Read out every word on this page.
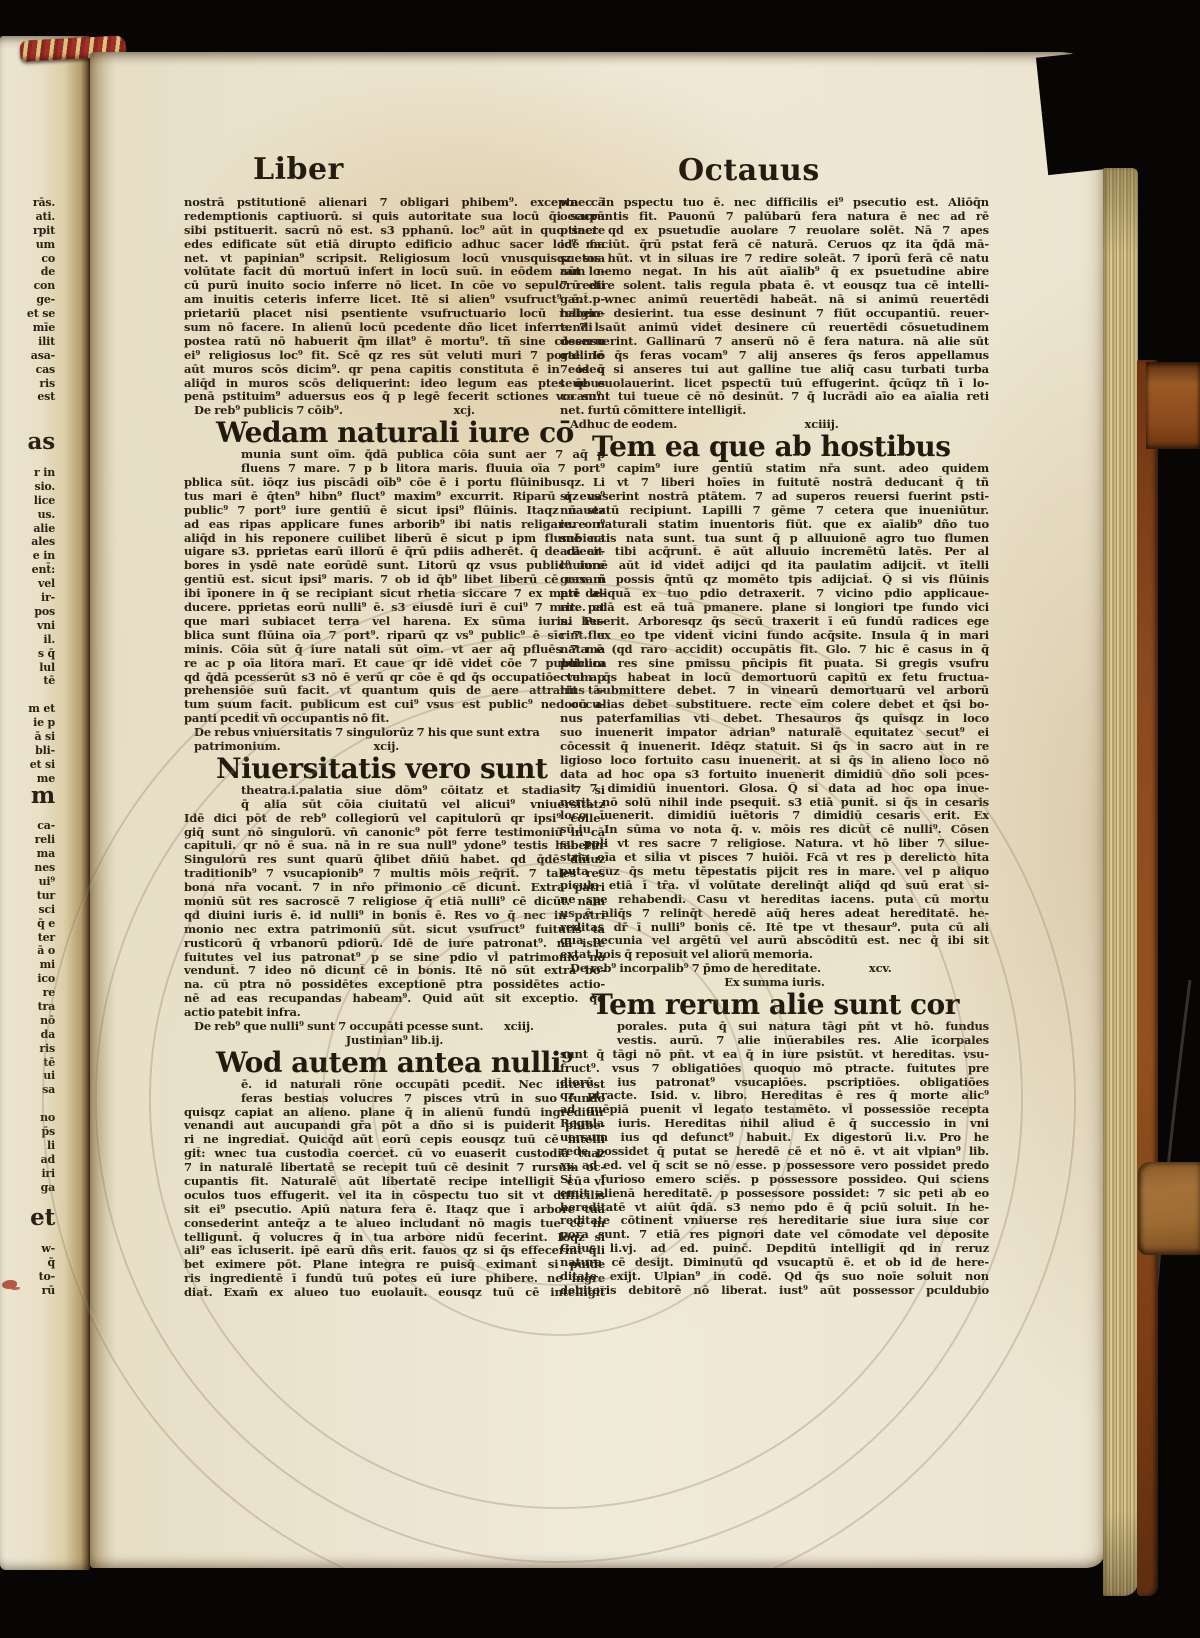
rās.
ati.
rpit
um
co
de
con
ge-
et se
mīe
ilit
asa-
cas
ris
est
as
r in
sio.
lice
us.
alie
ales
e in
ent̄:
vel
ir-
pos
vni
il.
s q̄
lul
tē
m et
ie p
ā si
bli-
et si
me
m
ca-
reli
ma
nes
ui⁹
tur
sci
q̄ e
ter
ā o
mi
ico
re
tra
nō
da
ris
tē
ui
sa
no
p̄s
li
ad
iri
ga
et
w-
q̄
to-
rū
Liber	Octauus
nostrā pstitutionē alienari 7 obligari phibem⁹. excepta cā
redemptionis captiuorū. si quis autoritate sua locū q̄i sacrū
sibi pstituerit. sacrū nō est. s3 pphanū. loc⁹ aūt in quo sacre
edes edificate sūt etiā dirupto edificio adhuc sacer loc⁹ ma
net. vt papinian⁹ scripsit. Religiosum locū vnusquisqz sua
volūtate facit dū mortuū infert in locū suū. in eōdem aūt lo-
cū purū inuito socio inferre nō licet. In cōe vo sepulcrū eti
am inuitis ceteris inferre licet. Itē si alien⁹ vsufruct⁹ ē. p-
prietariū placet nisi psentiente vsufructuario locū religio-
sum nō facere. In alienū locū pcedente dño licet inferre. 7 ls
postea ratū nō habuerit q̄m illat⁹ ē mortu⁹. tñ sine cōsensu
ei⁹ religiosus loc⁹ fit. Scē qz res sūt veluti muri 7 porte. Iō
aūt muros scōs dicim⁹. qr pena capitis constituta ē in eos q̄
aliq̄d in muros scōs deliquerint: ideo legum eas ptes q̄bus
penā pstituim⁹ aduersus eos q̄ p legē fecerit sctiones vocam⁹.
De reb⁹ publicis 7 cōib⁹.	xcj.
Wedam naturali iure cō
munia sunt oīm. q̄dā publica cōia sunt aer 7 aq̄ p
fluens 7 mare. 7 p b litora maris. fluuia oīa 7 port⁹
pblica sūt. iōqz ius piscādi oīb⁹ cōe ē i portu flūinibusqz. Li
tus mari ē q̄ten⁹ hibn⁹ fluct⁹ maxim⁹ excurrit. Riparū qz vs⁹
public⁹ 7 port⁹ iure gentiū ē sicut ipsi⁹ flūinis. Itaqz nauez
ad eas ripas applicare funes arborib⁹ ibi natis religare. on⁹
aliq̄d in his reponere cuilibet liberū ē sicut p ipm flumē na
uigare s3. pprietas earū illorū ē q̄rū pdiis adherēt. q̄ de cā ar-
bores in ysdē nate eorūdē sunt. Litorū qz vsus public⁹ iure
gentiū est. sicut ipsi⁹ maris. 7 ob id q̄b⁹ libet liberū cē casam
ibi īponere in q̄ se recipiant sicut rhetia siccare 7 ex mari de-
ducere. pprietas eorū nulli⁹ ē. s3 eiusdē iurī ē cui⁹ 7 mare. et
que mari subiacet terra vel harena. Ex sūma iuris. Pu-
blica sunt flūina oīa 7 port⁹. riparū qz vs⁹ public⁹ ē sīc 7 flu
minis. Cōia sūt q̄ iure natali sūt oīm. vt aer aq̄ pfluēs 7 ma
re ac p oīa litora marī. Et caue qr idē videt̄ cōe 7 publicum
qd q̄dā pcesserūt s3 nō ē verū qr cōe ē qd q̄s occupatiōe vel ap
prehensiōe suū facit. vt quantum quis de aere attrahit tā-
tum suum facit. publicum est cui⁹ vsus est public⁹ nec occu-
panti pcedit̄ vn̄ occupantis nō fit.
De rebus vniuersitatis 7 singulorūz 7 his que sunt extra
patrimonium.	xcij.
Niuersitatis vero sunt
theatra.i.palatia siue dōm⁹ cōitatz et stadia 7 si
q̄ alia sūt cōia ciuitatū vel alicui⁹ vniuersitatz
Idē dici pōt de reb⁹ collegiorū vel capitulorū qr ipsi⁹ colle-
giq̄ sunt nō singulorū. vn̄ canonic⁹ pōt ferre testimoniū in cā
capituli. qr nō ē sua. nā in re sua null⁹ ydone⁹ testis habetur
Singulorū res sunt quarū q̄libet dñiū habet. qd q̄dē dñiuz
traditionib⁹ 7 vsucapionib⁹ 7 multis mōis req̄rit̄. 7 tales res
bona nr̄a vocant̄. 7 in nr̄o pr̄imonio cē dicunt̄. Extra patri
moniū sūt res sacroscē 7 religiose q̄ etiā nulli⁹ cē dicūt. nam
qd diuini iuris ē. id nulli⁹ in bonis ē. Res vo q̄ nec in patri
monio nec extra patrimoniū sūt. sicut vsufruct⁹ fuitutis tā
rusticorū q̄ vrbanorū pdiorū. Idē de iure patronat⁹. nā iste
fuitutes vel ius patronat⁹ p se sine pdio vl̄ patrimonio nō
vendunt̄. 7 ideo nō dicunt̄ cē in bonis. Itē nō sūt extra bo-
na. cū ptra nō possidētes exceptionē ptra possidētes actio-
nē ad eas recupandas habeam⁹. Quid aūt sit exceptio. q̄d
actio patebit infra.
De reb⁹ que nulli⁹ sunt 7 occupāti pcesse sunt. xciij.
Justinian⁹ lib.ij.
Wod autem antea nulli⁹
ē. id naturali rōne occupāti pcedit̄. Nec interest
feras bestias volucres 7 pisces vtrū in suo fundo
quisqz capiat an alieno. plane q̄ in alienū fundū ingreditur
venandi aut aucupandi gr̄a pōt a dño si is puiderit phibe-
ri ne ingrediat̄. Quicq̄d aūt eorū cepis eousqz tuū cē intelli
git̄: wnec tua custodia coercet̄. cū vo euaserit custodiā tuaz
7 in naturalē libertatē se recepit tuū cē desinit 7 rursum oc-
cupantis fit. Naturalē aūt libertatē recipe intelligit̄ cū vl̄
oculos tuos effugerit. vel ita in cōspectu tuo sit vt difficilis
sit ei⁹ psecutio. Apiū natura fera ē. Itaqz que ī arbore tua
consederint anteq̄z a te alueo includant̄ nō magis tue cē in
telligunt̄. q̄ volucres q̄ in tua arbore nidū fecerint. Iōqz si
ali⁹ eas īcluserit. ipē earū dñs erit. fauos qz si q̄s effecerint q̄li
bet eximere pōt. Plane integra re puisq̄ eximant̄ si puide
ris ingredientē ī fundū tuū potes eū iure phibere. ne ingre
diat̄. Exam̄ ex alueo tuo euolauit. eousqz tuū cē intelligit̄
wnec in pspectu tuo ē. nec difficilis ei⁹ psecutio est. Aliōq̄n
occupantis fit. Pauonū 7 palūbarū fera natura ē nec ad rē
ptinet qd ex psuetudīe auolare 7 reuolare solēt. Nā 7 apes
idē faciūt. q̄rū pstat ferā cē naturā. Ceruos qz ita q̄dā mā-
suetos hūt. vt in siluas ire 7 redire soleāt. 7 iporū ferā cē natu
ram nemo negat. In his aūt aīalib⁹ q̄ ex psuetudine abire
7 redire solent. talis regula pbata ē. vt eousqz tua cē intelli-
gant̄. wnec animū reuertēdi habeāt. nā si animū reuertēdi
habere desierint. tua esse desinunt 7 fiūt occupantiū. reuer-
tendi aūt animū videt̄ desinere cū reuertēdi cōsuetudinem
deseruerint. Gallinarū 7 anserū nō ē fera natura. nā alie sūt
galline q̄s feras vocam⁹ 7 alij anseres q̄s feros appellamus
7 ideo si anseres tui aut galline tue aliq̄ casu turbati turba
teue euolauerint. licet pspectū tuū effugerint. q̄cūqz tñ ī lo-
co sunt tui tueue cē nō desinūt. 7 q̄ lucrādi aīo ea aīalia reti
net. furtū cōmittere intelligit̄.
Adhuc de eodem.	xciiij.
Tem ea que ab hostibus
capim⁹ iure gentiū statim nr̄a sunt. adeo quidem
vt 7 liberi hoīes in fuitutē nostrā deducant̄ q̄ tñ
si euaserint nostrā ptātem. 7 ad superos reuersi fuerint psti-
nū statū recipiunt. Lapilli 7 gēme 7 cetera que inueniūtur.
iure naturali statim inuentoris fiūt. que ex aīalib⁹ dño tuo
subiectis nata sunt. tua sunt q̄ p alluuionē agro tuo flumen
adiecit tibi acq̄runt̄. ē aūt alluuio incremētū latēs. Per al
luuionē aūt id videt̄ adijci qd ita paulatim adijcit̄. vt ītelli
gere ñ possis q̄ntū qz momēto tpis adijciat̄. Q̄ si vis flūinis
ptē aliquā ex tuo pdio detraxerit. 7 vicino pdio applicaue-
rit. palā est eā tuā pmanere. plane si longiori tpe fundo vici
ni heserit. Arboresqz q̄s secū traxerit ī eū fundū radices ege
rint. ex eo tpe vident̄ vicini fundo acq̄site. Insula q̄ in mari
nata ē (qd raro accidit) occupātis fit. Glo. 7 hic ē casus in q̄
publica res sine pmissu pn̄cipis fit puata. Si gregis vsufru
ctum q̄s habeat in locū demortuorū capitū ex fetu fructua-
rius submittere debet. 7 in vinearū demortuarū vel arborū
locū alias debet substituere. recte eīm colere debet et q̄si bo-
nus paterfamilias vti debet. Thesauros q̄s quisqz in loco
suo inuenerit impator adrian⁹ naturalē equitatez secut⁹ ei
cōcessit q̄ inuenerit. Idēqz statuit. Si q̄s in sacro aut in re
ligioso loco fortuito casu inuenerit. at si q̄s in alieno loco nō
data ad hoc opa s3 fortuito inuenerit dimidiū dño soli pces-
sit. 7 dimidiū inuentori. Glosa. Q̄ si data ad hoc opa inue-
nerit. nō solū nihil inde psequit̄. s3 etiā punit̄. si q̄s in cesaris
loco īuenerit. dimidiū iuētoris 7 dimidiū cesaris erit. Ex
sū.iu. In sūma vo nota q̄. v. mōis res dicūt̄ cē nulli⁹. Cōsen
su ppl̄i vt res sacre 7 religiose. Natura. vt hō liber 7 silue-
stria oīa et sil̄ia vt pisces 7 huiōi. Fcā vt res p derelicto hīta
puta cuz q̄s metu tēpestatis pijcit res in mare. vel p aliquo
piculo etiā ī tr̄a. vl̄ volūtate derelinq̄t aliq̄d qd suū erat si-
ne spe rehabendi. Casu vt hereditas iacens. puta cū mortu
us ē aliq̄s 7 relinq̄t heredē aūq̄ heres adeat hereditatē. he-
reditas dr̄ ī nulli⁹ bonis cē. Itē tpe vt thesaur⁹. puta cū ali
qua pecunia vel argētū vel aurū abscōditū est. nec q̄ ibi sit
extat hois q̄ reposuit vel aliorū memoria.
De reb⁹ incorpalib⁹ 7 p̄mo de hereditate.	xcv.
Ex summa iuris.
Tem rerum alie sunt cor
porales. puta q̄ sui natura tāgi pn̄t vt hō. fundus
vestis. aurū. 7 alie inūerabiles res. Alie īcorpales
sunt q̄ tāgi nō pn̄t. vt ea q̄ in iure psistūt. vt hereditas. vsu-
fruct⁹. vsus 7 obligatiōes quoquo mō ptracte. fuitutes pre
diorū. ius patronat⁹ vsucapiōes. pscriptiōes. obligatiōes
qz ptracte. Isid. v. libro. Hereditas ē res q̄ morte alic⁹
ad quēpiā puenit vl̄ legato testamēto. vl̄ possessiōe recepta
Regula iuris. Hereditas nihil aliud ē q̄ successio in vni
uersum ius qd defunct⁹ habuit. Ex digestorū li.v. Pro he
rede possidet q̄ putat se heredē cē et nō ē. vt ait vlpian⁹ lib.
xv. ad ed. vel q̄ scit se nō esse. p possessore vero possidet predo
Si a furioso emero sciēs. p possessore possideo. Qui sciens
emit alienā hereditatē. p possessore possidet: 7 sic peti ab eo
hereditatē vt aiūt q̄dā. s3 nemo pdo ē q̄ pciū soluit. In he-
reditate cōtinent̄ vniuerse res hereditarie siue iura siue cor
pora sunt. 7 etiā res pignori date vel cōmodate vel deposite
Gaius li.vj. ad ed. puinc̄. Depditū intelligit̄ qd in reruz
natura cē desijt. Diminutū qd vsucaptū ē. et ob id de here-
ditate exijt. Ulpian⁹ in codē. Qd q̄s suo noīe soluit non
debitoris debitorē nō liberat. iust⁹ aūt possessor pculdubio
